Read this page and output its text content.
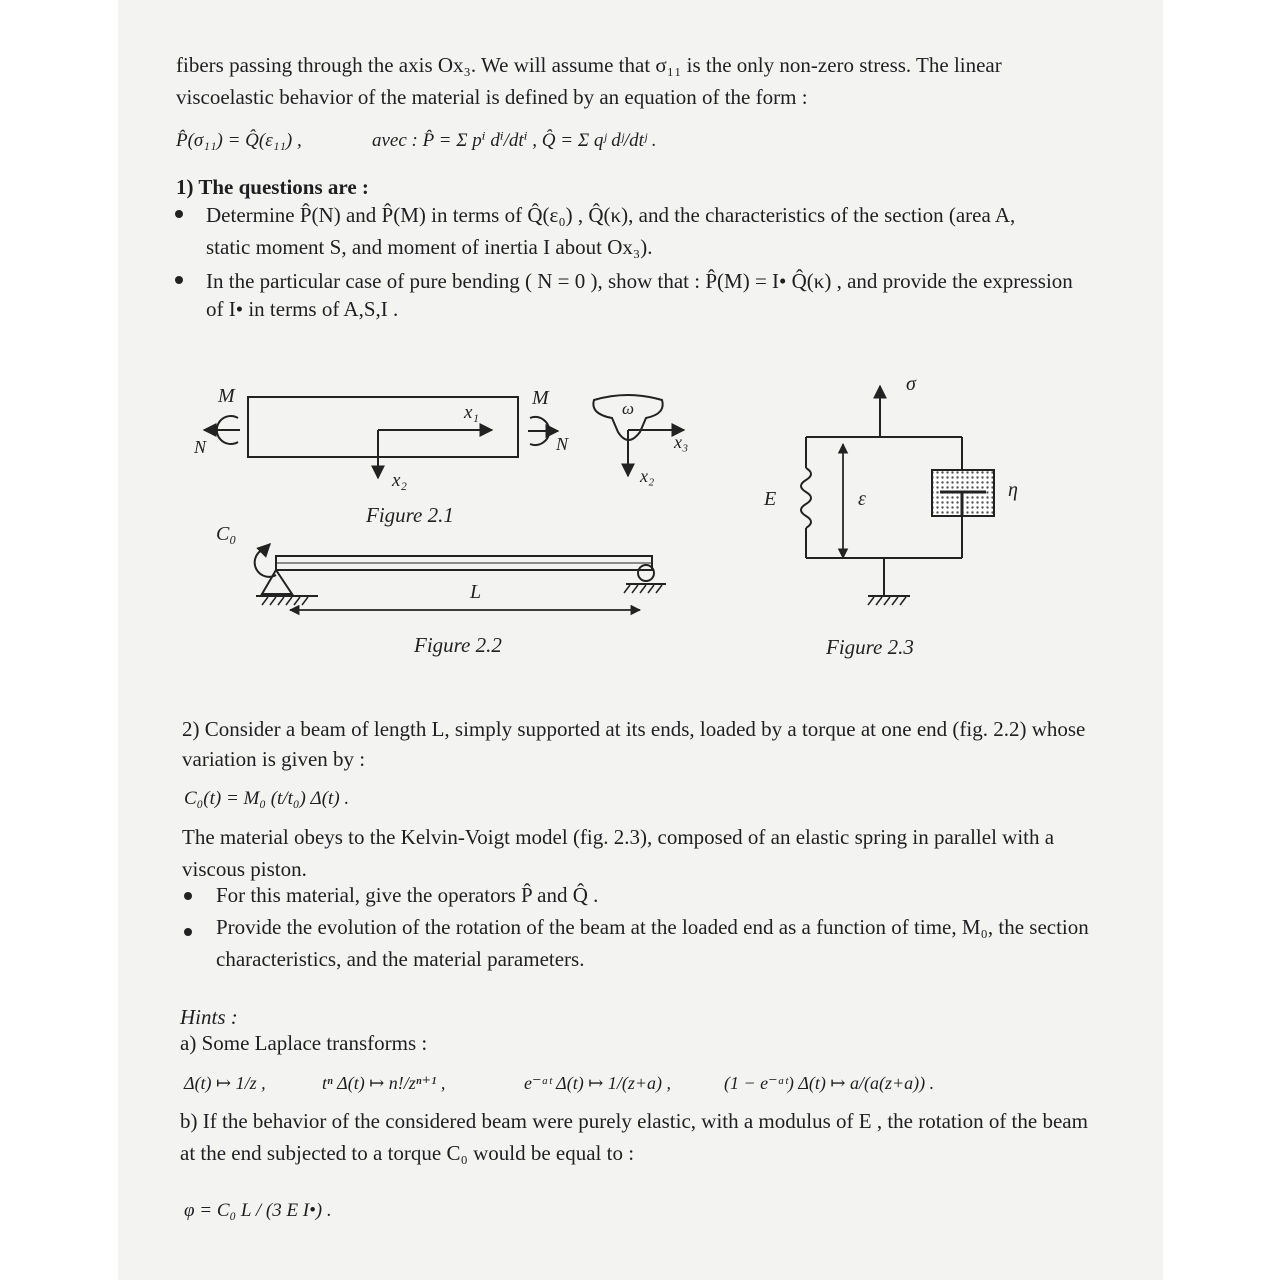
fibers passing through the axis Ox₃. We will assume that σ₁₁ is the only non-zero stress. The linear
viscoelastic behavior of the material is defined by an equation of the form :
P̂(σ₁₁) = Q̂(ε₁₁) ,	avec : P̂ = Σ pⁱ dⁱ/dtⁱ , Q̂ = Σ qʲ dʲ/dtʲ .
1) The questions are :
Determine P̂(N) and P̂(M) in terms of Q̂(ε₀) , Q̂(κ), and the characteristics of the section (area A,
static moment S, and moment of inertia I about Ox₃).
In the particular case of pure bending ( N = 0 ), show that : P̂(M) = I• Q̂(κ) , and provide the expression
of I• in terms of A,S,I .
M
N
x₁
x₂
M
N
ω
x₃
x₂
Figure 2.1
C₀
L
Figure 2.2
σ
E	ε	η
Figure 2.3
2) Consider a beam of length L, simply supported at its ends, loaded by a torque at one end (fig. 2.2) whose
variation is given by :
C₀(t) = M₀ (t/t₀) Δ(t) .
The material obeys to the Kelvin-Voigt model (fig. 2.3), composed of an elastic spring in parallel with a
viscous piston.
For this material, give the operators P̂ and Q̂ .
Provide the evolution of the rotation of the beam at the loaded end as a function of time, M₀, the section
characteristics, and the material parameters.
Hints :
a) Some Laplace transforms :
Δ(t) ↦ 1/z ,	tⁿ Δ(t) ↦ n!/zⁿ⁺¹ ,	e⁻ᵃᵗ Δ(t) ↦ 1/(z+a) ,	(1 − e⁻ᵃᵗ) Δ(t) ↦ a/(a(z+a)) .
b) If the behavior of the considered beam were purely elastic, with a modulus of E , the rotation of the beam
at the end subjected to a torque C₀ would be equal to :
φ = C₀ L / (3 E I•) .
